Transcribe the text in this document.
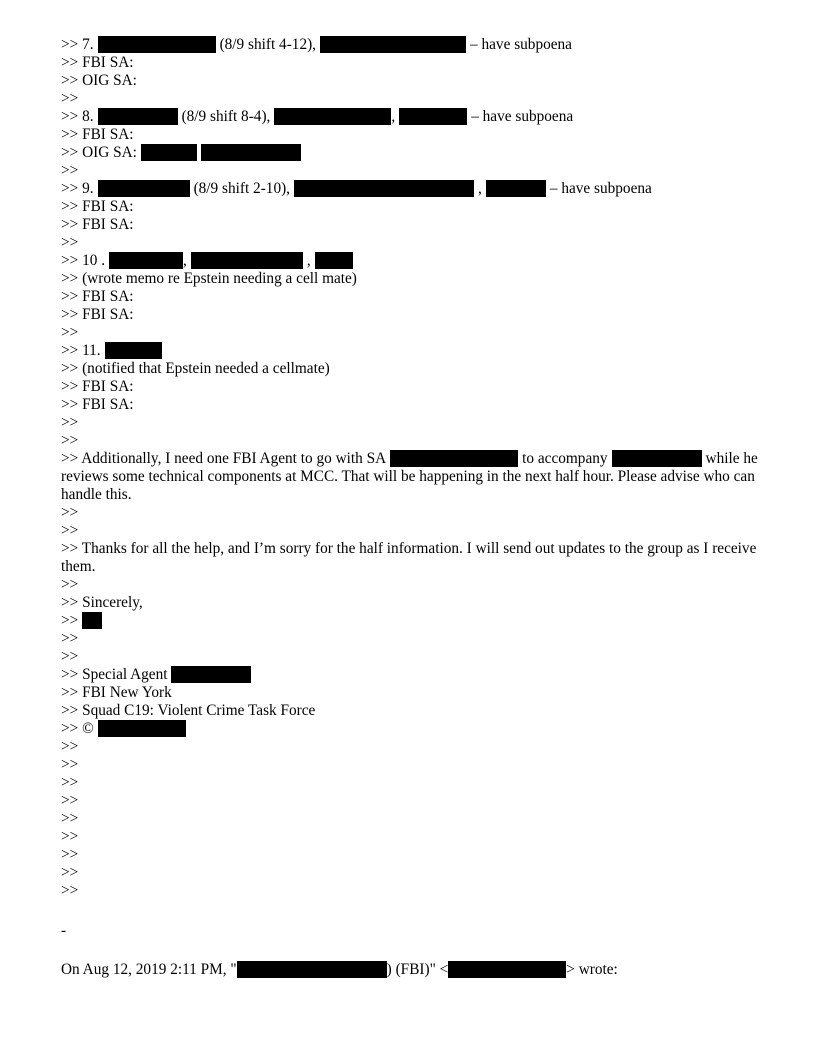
>> 7.	(8/9 shift 4-12),	– have subpoena
>> FBI SA:
>> OIG SA:
>>
>> 8.	(8/9 shift 8-4),	,	– have subpoena
>> FBI SA:
>> OIG SA:
>>
>> 9.	(8/9 shift 2-10),	,	– have subpoena
>> FBI SA:
>> FBI SA:
>>
>> 10 .	,	,
>> (wrote memo re Epstein needing a cell mate)
>> FBI SA:
>> FBI SA:
>>
>> 11.
>> (notified that Epstein needed a cellmate)
>> FBI SA:
>> FBI SA:
>>
>>
>> Additionally, I need one FBI Agent to go with SA	to accompany	while he reviews some technical components at MCC. That will be happening in the next half hour. Please advise who can handle this.
>>
>>
>> Thanks for all the help, and I’m sorry for the half information. I will send out updates to the group as I receive them.
>>
>> Sincerely,
>>
>>
>>
>> Special Agent
>> FBI New York
>> Squad C19: Violent Crime Task Force
>> ©
>>
>>
>>
>>
>>
>>
>>
>>
>>
-
On Aug 12, 2019 2:11 PM, "	) (FBI)" <	> wrote:
